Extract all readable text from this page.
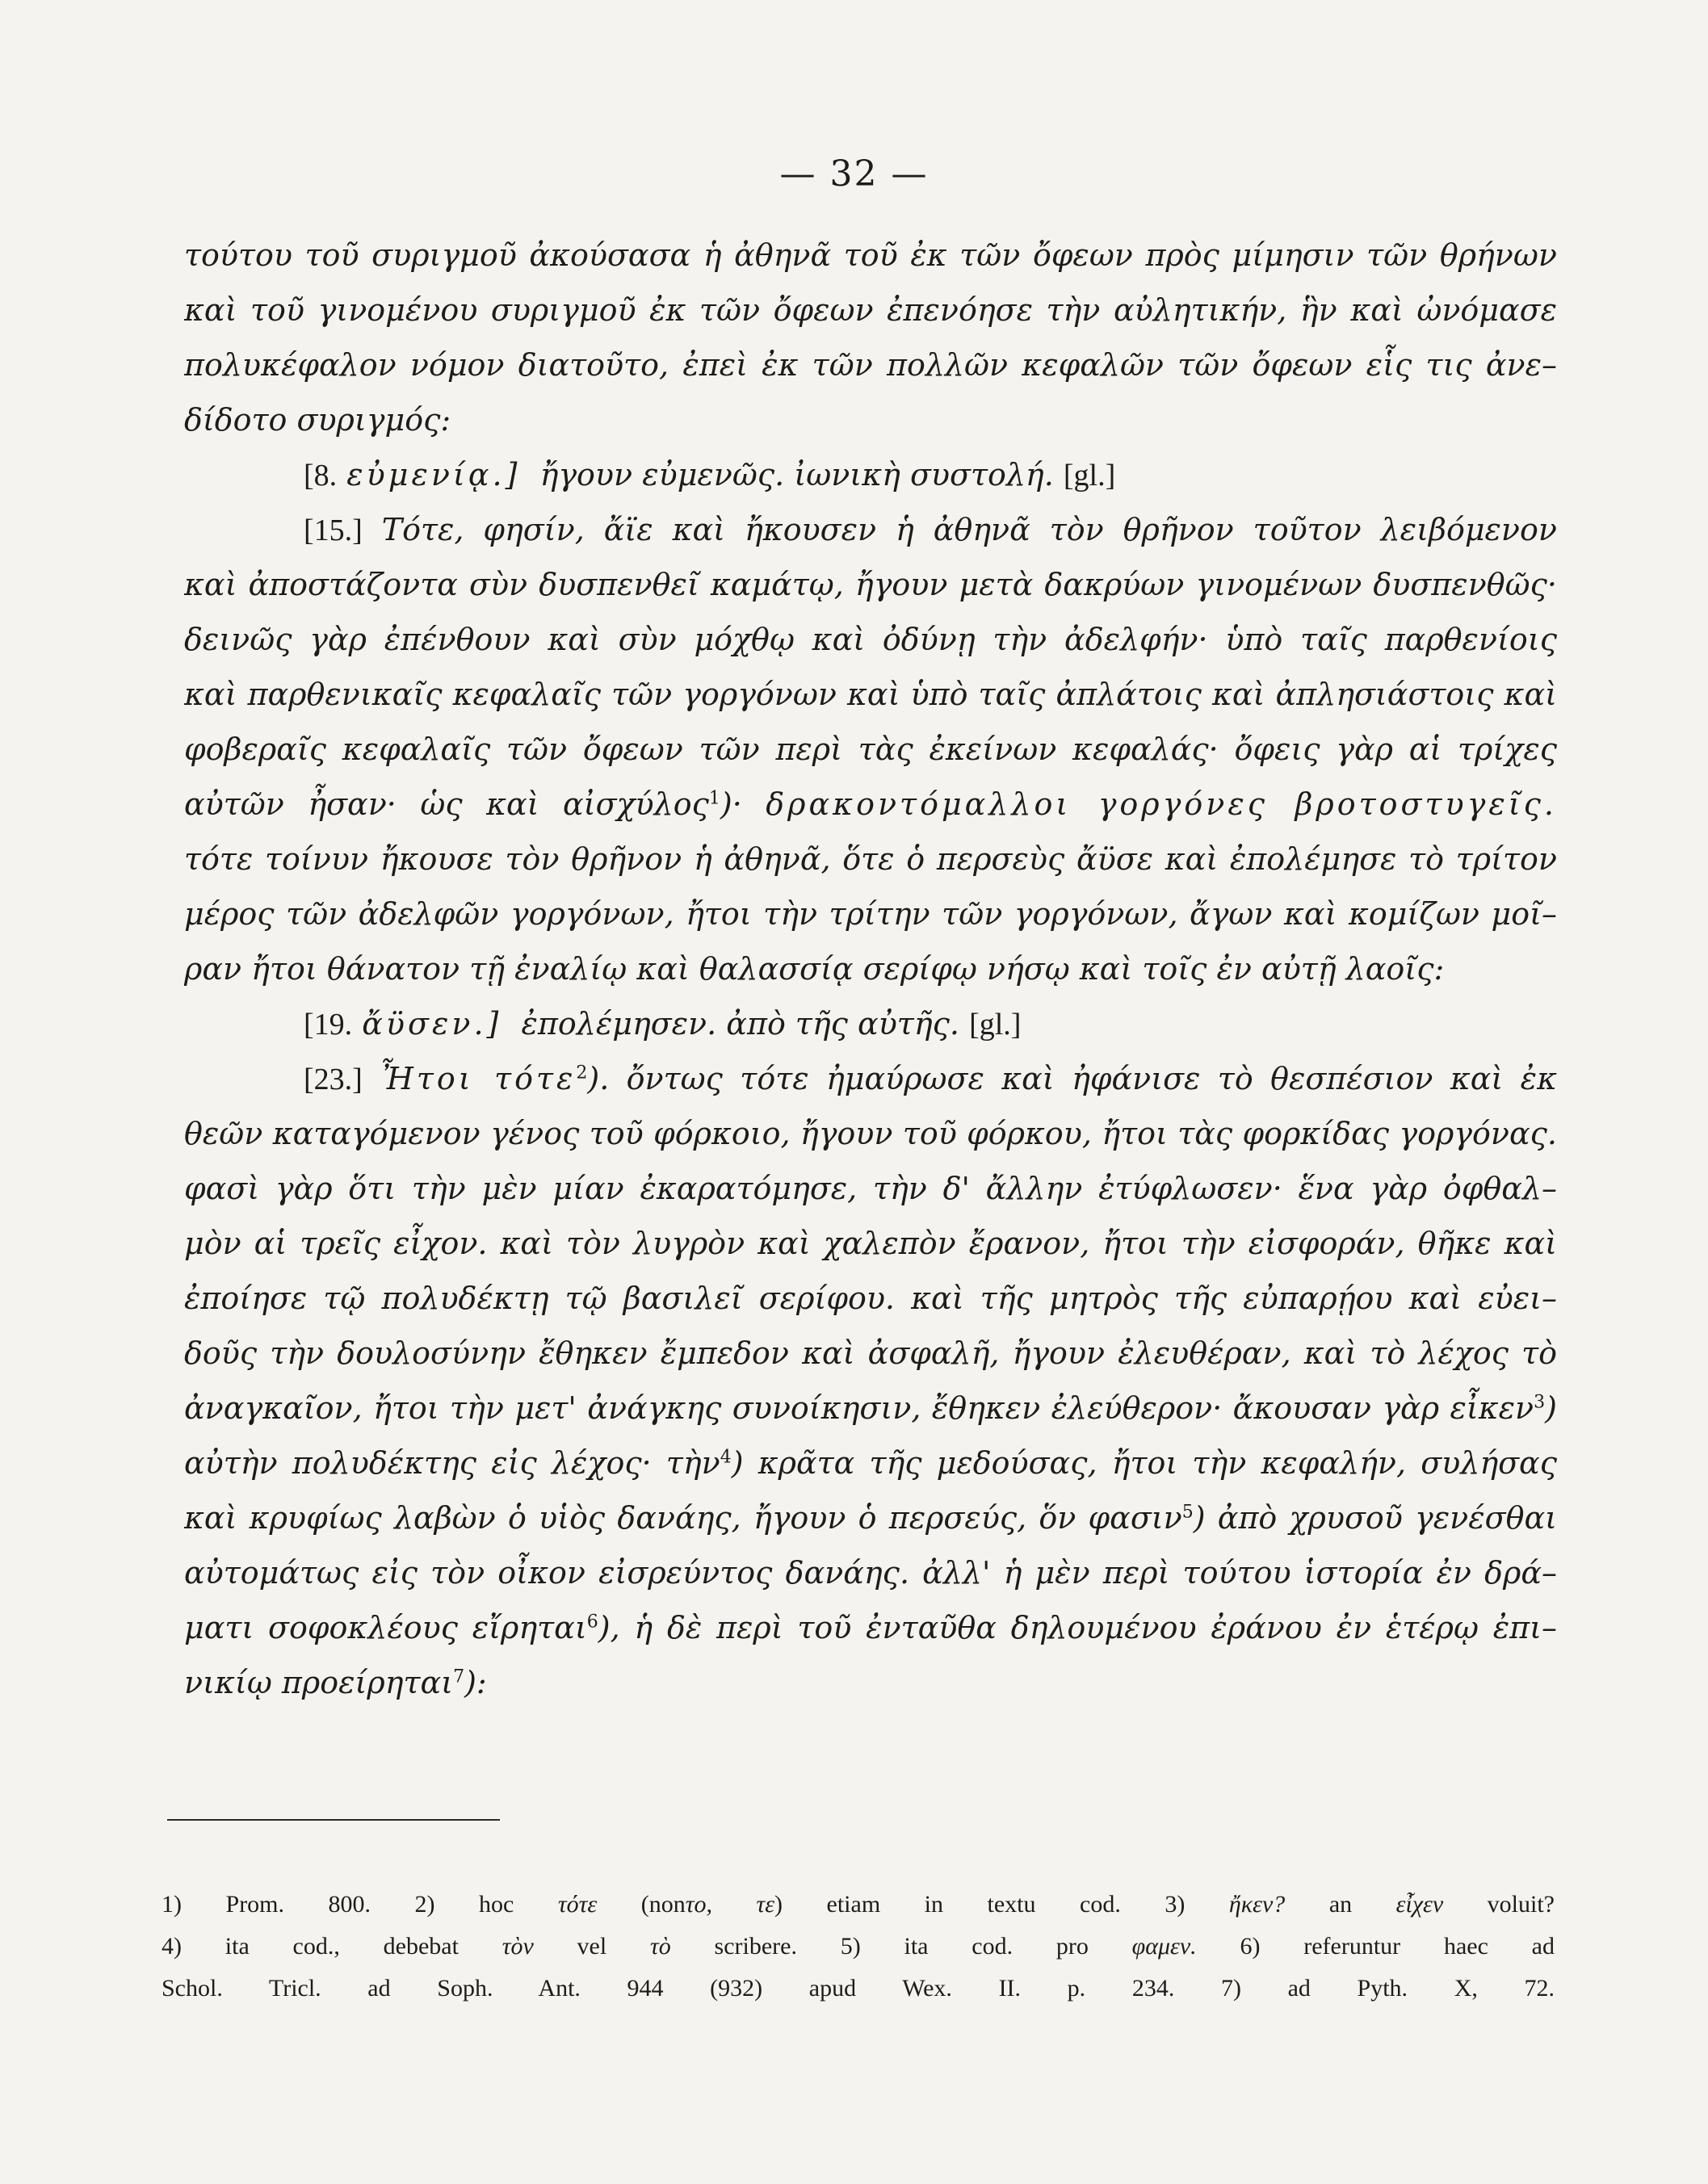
— 32 —
τούτου τοῦ συριγμοῦ ἀκούσασα ἡ ἀθηνᾶ τοῦ ἐκ τῶν ὄφεων πρὸς μίμησιν τῶν θρήνων
καὶ τοῦ γινομένου συριγμοῦ ἐκ τῶν ὄφεων ἐπενόησε τὴν αὐλητικήν, ἣν καὶ ὠνόμασε
πολυκέφαλον νόμον διατοῦτο, ἐπεὶ ἐκ τῶν πολλῶν κεφαλῶν τῶν ὄφεων εἷς τις ἀνε–
δίδοτο συριγμός:
[8. εὐμενίᾳ.] ἤγουν εὐμενῶς. ἰωνικὴ συστολή. [gl.]
[15.] Τότε, φησίν, ἄϊε καὶ ἤκουσεν ἡ ἀθηνᾶ τὸν θρῆνον τοῦτον λειβόμενον
καὶ ἀποστάζοντα σὺν δυσπενθεῖ καμάτῳ, ἤγουν μετὰ δακρύων γινομένων δυσπενθῶς·
δεινῶς γὰρ ἐπένθουν καὶ σὺν μόχθῳ καὶ ὀδύνῃ τὴν ἀδελφήν· ὑπὸ ταῖς παρθενίοις
καὶ παρθενικαῖς κεφαλαῖς τῶν γοργόνων καὶ ὑπὸ ταῖς ἀπλάτοις καὶ ἀπλησιάστοις καὶ
φοβεραῖς κεφαλαῖς τῶν ὄφεων τῶν περὶ τὰς ἐκείνων κεφαλάς· ὄφεις γὰρ αἱ τρίχες
αὐτῶν ἦσαν· ὡς καὶ αἰσχύλος$^1$)· δρακοντόμαλλοι γοργόνες βροτοστυγεῖς.
τότε τοίνυν ἤκουσε τὸν θρῆνον ἡ ἀθηνᾶ, ὅτε ὁ περσεὺς ἄϋσε καὶ ἐπολέμησε τὸ τρίτον
μέρος τῶν ἀδελφῶν γοργόνων, ἤτοι τὴν τρίτην τῶν γοργόνων, ἄγων καὶ κομίζων μοῖ–
ραν ἤτοι θάνατον τῇ ἐναλίῳ καὶ θαλασσίᾳ σερίφῳ νήσῳ καὶ τοῖς ἐν αὐτῇ λαοῖς:
[19. ἄϋσεν.] ἐπολέμησεν. ἀπὸ τῆς αὐτῆς. [gl.]
[23.] Ἦτοι τότε$^2$). ὄντως τότε ἠμαύρωσε καὶ ἠφάνισε τὸ θεσπέσιον καὶ ἐκ
θεῶν καταγόμενον γένος τοῦ φόρκοιο, ἤγουν τοῦ φόρκου, ἤτοι τὰς φορκίδας γοργόνας.
φασὶ γὰρ ὅτι τὴν μὲν μίαν ἐκαρατόμησε, τὴν δ' ἄλλην ἐτύφλωσεν· ἕνα γὰρ ὀφθαλ–
μὸν αἱ τρεῖς εἶχον. καὶ τὸν λυγρὸν καὶ χαλεπὸν ἔρανον, ἤτοι τὴν εἰσφοράν, θῆκε καὶ
ἐποίησε τῷ πολυδέκτῃ τῷ βασιλεῖ σερίφου. καὶ τῆς μητρὸς τῆς εὐπαρῄου καὶ εὐει–
δοῦς τὴν δουλοσύνην ἔθηκεν ἔμπεδον καὶ ἀσφαλῆ, ἤγουν ἐλευθέραν, καὶ τὸ λέχος τὸ
ἀναγκαῖον, ἤτοι τὴν μετ' ἀνάγκης συνοίκησιν, ἔθηκεν ἐλεύθερον· ἄκουσαν γὰρ εἶκεν$^3$)
αὐτὴν πολυδέκτης εἰς λέχος· τὴν$^4$) κρᾶτα τῆς μεδούσας, ἤτοι τὴν κεφαλήν, συλήσας
καὶ κρυφίως λαβὼν ὁ υἱὸς δανάης, ἤγουν ὁ περσεύς, ὅν φασιν$^5$) ἀπὸ χρυσοῦ γενέσθαι
αὐτομάτως εἰς τὸν οἶκον εἰσρεύντος δανάης. ἀλλ' ἡ μὲν περὶ τούτου ἱστορία ἐν δρά–
ματι σοφοκλέους εἴρηται$^6$), ἡ δὲ περὶ τοῦ ἐνταῦθα δηλουμένου ἐράνου ἐν ἑτέρῳ ἐπι–
νικίῳ προείρηται$^7$):
1) Prom. 800. 2) hoc τότε (nonτο, τε) etiam in textu cod. 3) ἤκεν? an εἶχεν voluit?
4) ita cod., debebat τὸν vel τὸ scribere. 5) ita cod. pro φαμεν. 6) referuntur haec ad
Schol. Tricl. ad Soph. Ant. 944 (932) apud Wex. II. p. 234. 7) ad Pyth. X, 72.
